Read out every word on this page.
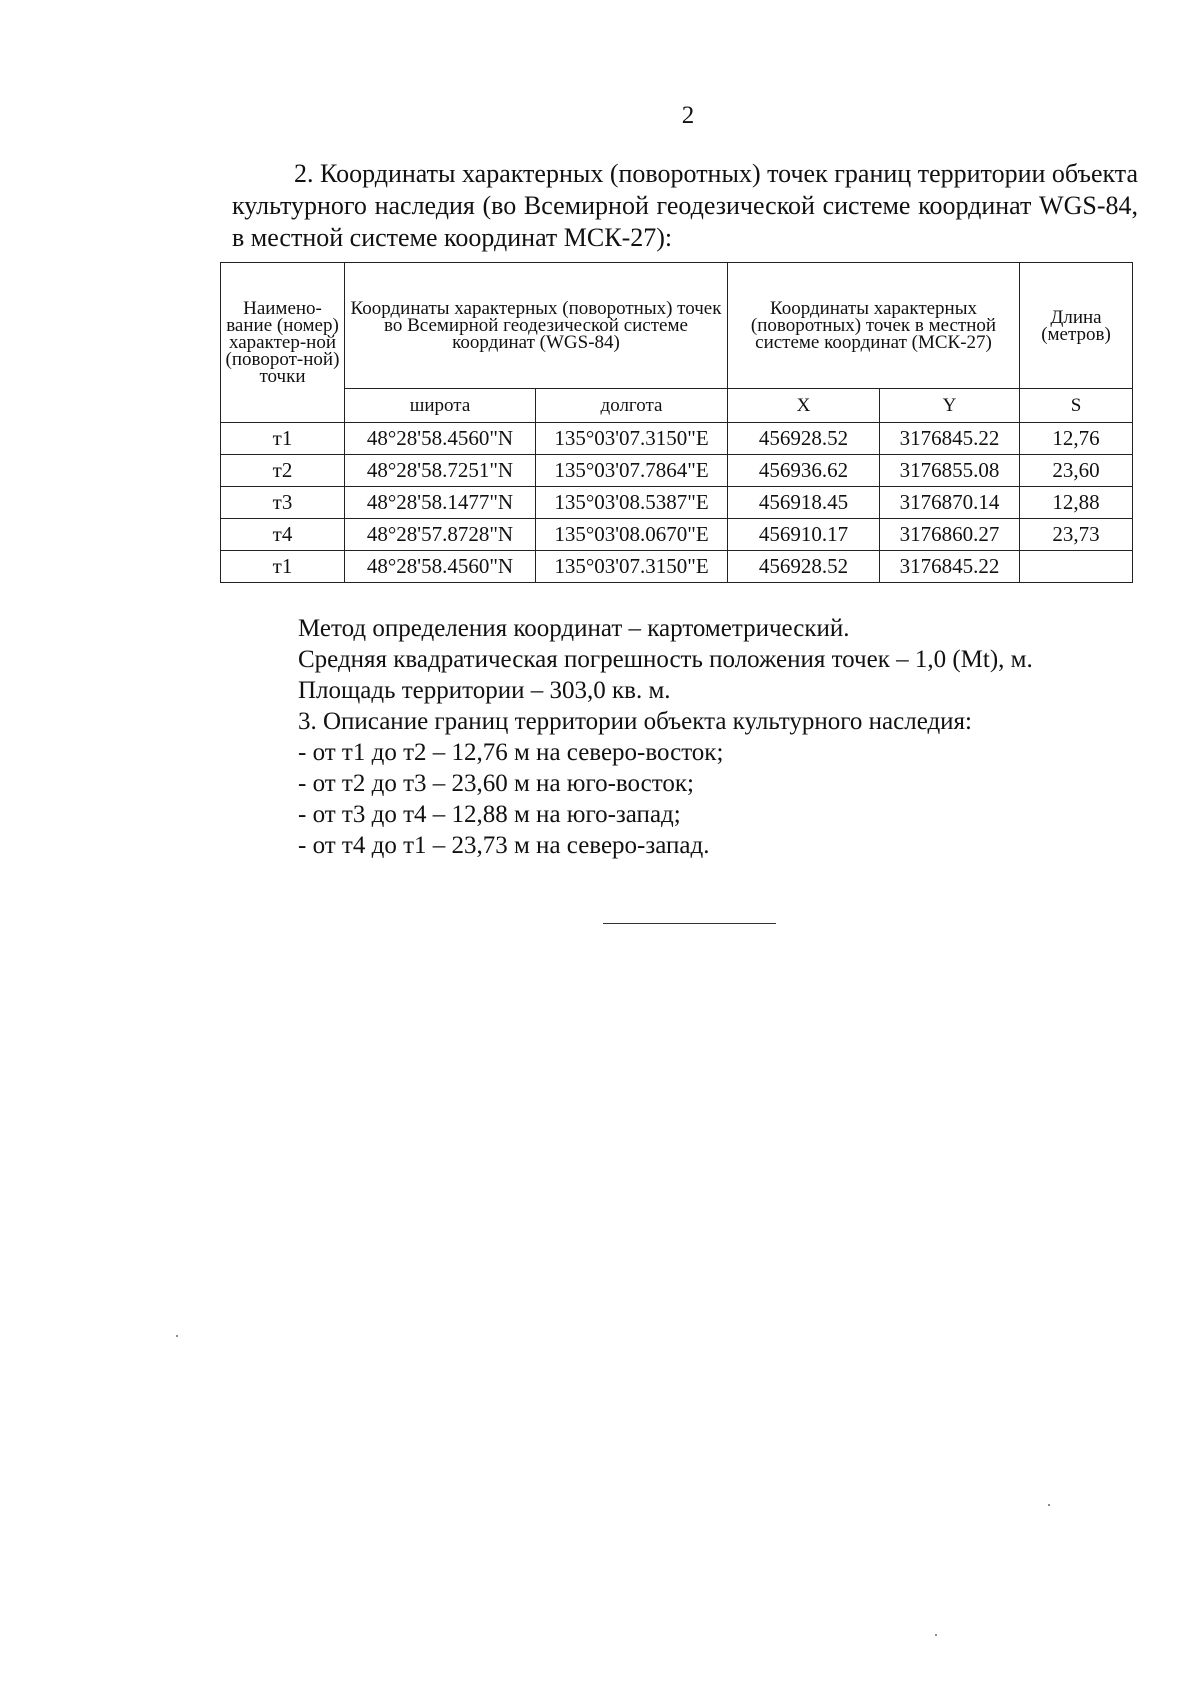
2

2. Координаты характерных (поворотных) точек границ территории объекта культурного наследия (во Всемирной геодезической системе координат WGS-84, в местной системе координат МСК-27):

Наимено-вание (номер) характер-ной (поворот-ной) точки	Координаты характерных (поворотных) точек во Всемирной геодезической системе координат (WGS-84)		Координаты характерных (поворотных) точек в местной системе координат (МСК-27)		Длина (метров)
	широта	долгота	X	Y	S
т1	48°28'58.4560"N	135°03'07.3150"E	456928.52	3176845.22	12,76
т2	48°28'58.7251"N	135°03'07.7864"E	456936.62	3176855.08	23,60
т3	48°28'58.1477"N	135°03'08.5387"E	456918.45	3176870.14	12,88
т4	48°28'57.8728"N	135°03'08.0670"E	456910.17	3176860.27	23,73
т1	48°28'58.4560"N	135°03'07.3150"E	456928.52	3176845.22	
Метод определения координат – картометрический.
Средняя квадратическая погрешность положения точек – 1,0 (Mt), м.
Площадь территории – 303,0 кв. м.
3. Описание границ территории объекта культурного наследия:
- от т1 до т2 – 12,76 м на северо-восток;
- от т2 до т3 – 23,60 м на юго-восток;
- от т3 до т4 – 12,88 м на юго-запад;
- от т4 до т1 – 23,73 м на северо-запад.
